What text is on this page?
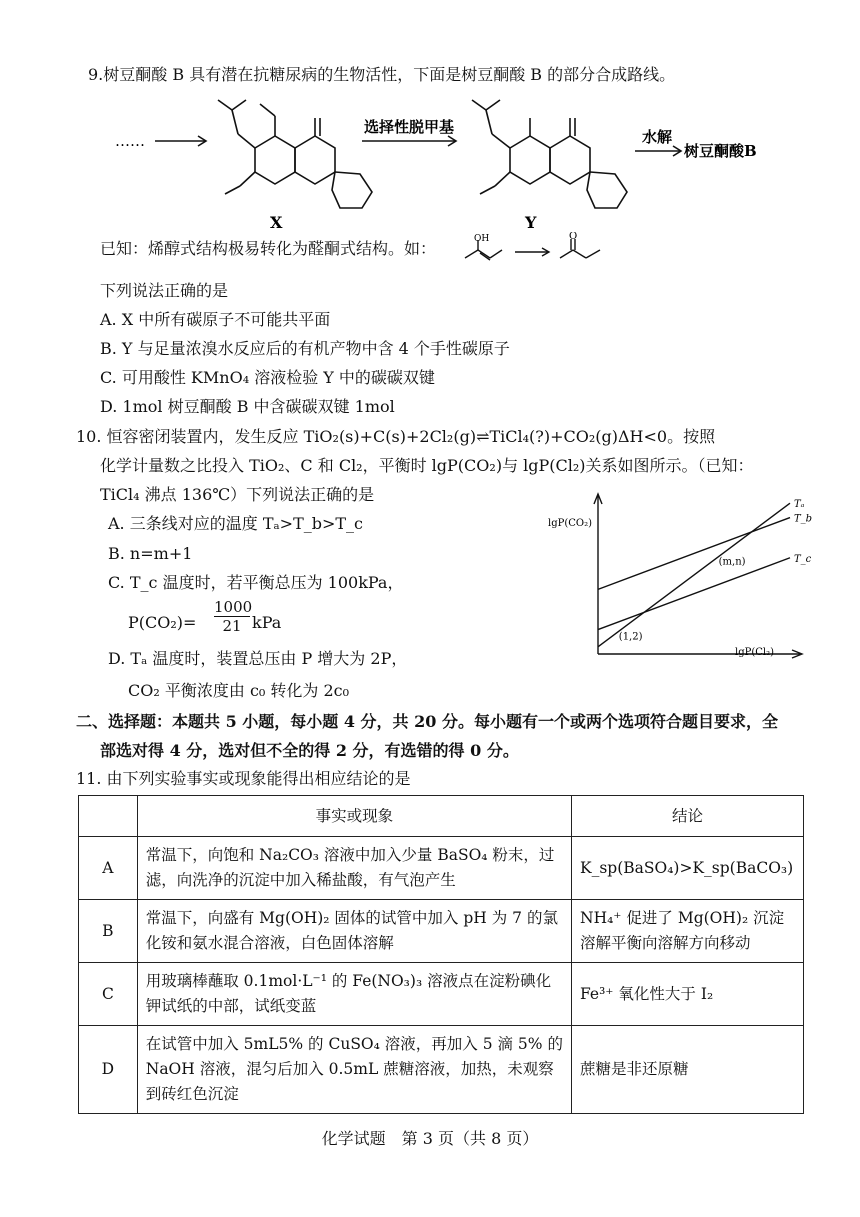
9.树豆酮酸 B 具有潜在抗糖尿病的生物活性，下面是树豆酮酸 B 的部分合成路线。
……
选择性脱甲基
水解
树豆酮酸B
X	Y
已知：烯醇式结构极易转化为醛酮式结构。如：	OH	O
下列说法正确的是
A. X 中所有碳原子不可能共平面
B. Y 与足量浓溴水反应后的有机产物中含 4 个手性碳原子
C. 可用酸性 KMnO₄ 溶液检验 Y 中的碳碳双键
D. 1mol 树豆酮酸 B 中含碳碳双键 1mol
10. 恒容密闭装置内，发生反应 TiO₂(s)+C(s)+2Cl₂(g)⇌TiCl₄(?)+CO₂(g)ΔH<0。按照
化学计量数之比投入 TiO₂、C 和 Cl₂，平衡时 lgP(CO₂)与 lgP(Cl₂)关系如图所示。（已知：
TiCl₄ 沸点 136℃）下列说法正确的是
A. 三条线对应的温度 Tₐ>T_b>T_c
B. n=m+1
C. T_c 温度时，若平衡总压为 100kPa，
$P(CO_2)= \frac{1000}{21}$ kPa
D. Tₐ 温度时，装置总压由 P 增大为 2P，
CO₂ 平衡浓度由 c₀ 转化为 2c₀
lgP(CO₂)
lgP(Cl₂)
Tₐ
T_b
T_c
(1,2)
(m,n)
二、选择题：本题共 5 小题，每小题 4 分，共 20 分。每小题有一个或两个选项符合题目要求，全
部选对得 4 分，选对但不全的得 2 分，有选错的得 0 分。
11. 由下列实验事实或现象能得出相应结论的是
	事实或现象	结论
A	常温下，向饱和 Na₂CO₃ 溶液中加入少量 BaSO₄ 粉末，过滤，向洗净的沉淀中加入稀盐酸，有气泡产生	K_sp(BaSO₄)>K_sp(BaCO₃)
B	常温下，向盛有 Mg(OH)₂ 固体的试管中加入 pH 为 7 的氯化铵和氨水混合溶液，白色固体溶解	NH₄⁺ 促进了 Mg(OH)₂ 沉淀溶解平衡向溶解方向移动
C	用玻璃棒蘸取 0.1mol·L⁻¹ 的 Fe(NO₃)₃ 溶液点在淀粉碘化钾试纸的中部，试纸变蓝	Fe³⁺ 氧化性大于 I₂
D	在试管中加入 5mL5% 的 CuSO₄ 溶液，再加入 5 滴 5% 的 NaOH 溶液，混匀后加入 0.5mL 蔗糖溶液，加热，未观察到砖红色沉淀	蔗糖是非还原糖
化学试题　第 3 页（共 8 页）
